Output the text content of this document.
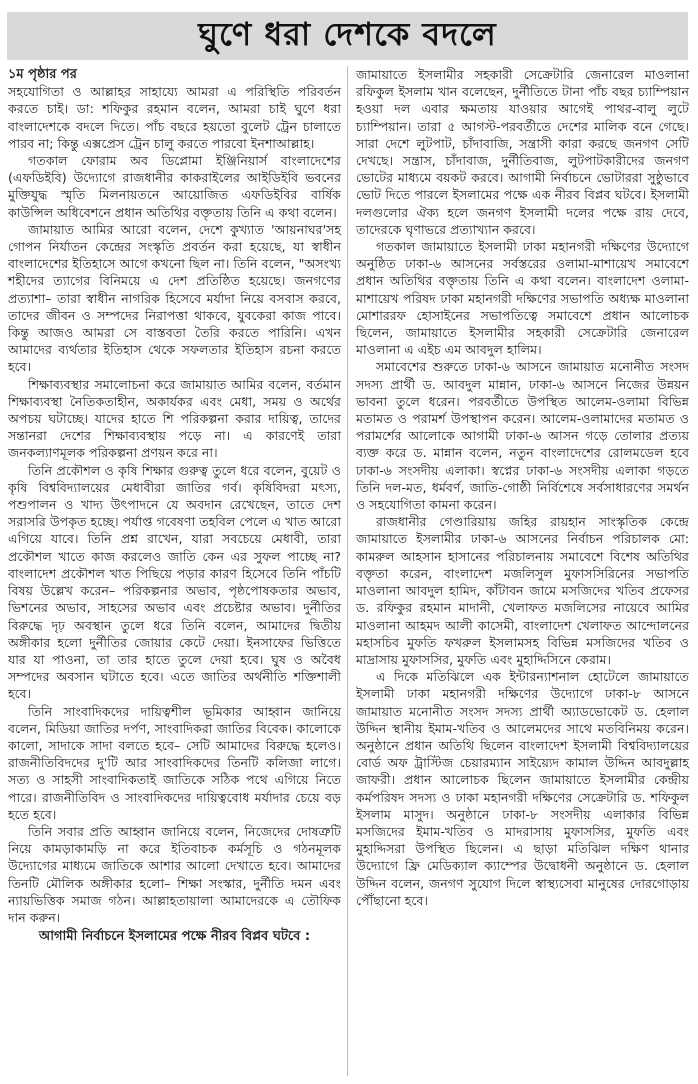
ঘুণে ধরা দেশকে বদলে

১ম পৃষ্ঠার পর

সহযোগিতা ও আল্লাহর সাহায্যে আমরা এ পরিস্থিতি পরিবর্তন করতে চাই। ডা: শফিকুর রহমান বলেন, আমরা চাই ঘুণে ধরা বাংলাদেশকে বদলে দিতে। পাঁচ বছরে হয়তো বুলেট ট্রেন চালাতে পারব না; কিন্তু এক্সপ্রেস ট্রেন চালু করতে পারবো ইনশাআল্লাহ।

গতকাল ফোরাম অব ডিপ্লোমা ইঞ্জিনিয়ার্স বাংলাদেশের (এফডিইবি) উদ্যোগে রাজধানীর কাকরাইলের আইডিইবি ভবনের মুক্তিযুদ্ধ স্মৃতি মিলনায়তনে আয়োজিত এফডিইবির বার্ষিক কাউন্সিল অধিবেশনে প্রধান অতিথির বক্তৃতায় তিনি এ কথা বলেন।

জামায়াত আমির আরো বলেন, দেশে কুখ্যাত 'আয়নাঘর'সহ গোপন নির্যাতন কেন্দ্রের সংস্কৃতি প্রবর্তন করা হয়েছে, যা স্বাধীন বাংলাদেশের ইতিহাসে আগে কখনো ছিল না। তিনি বলেন, "অসংখ্য শহীদের ত্যাগের বিনিময়ে এ দেশ প্রতিষ্ঠিত হয়েছে। জনগণের প্রত্যাশা– তারা স্বাধীন নাগরিক হিসেবে মর্যাদা নিয়ে বসবাস করবে, তাদের জীবন ও সম্পদের নিরাপত্তা থাকবে, যুবকেরা কাজ পাবে। কিন্তু আজও আমরা সে বাস্তবতা তৈরি করতে পারিনি। এখন আমাদের ব্যর্থতার ইতিহাস থেকে সফলতার ইতিহাস রচনা করতে হবে।

শিক্ষাব্যবস্থার সমালোচনা করে জামায়াত আমির বলেন, বর্তমান শিক্ষাব্যবস্থা নৈতিকতাহীন, অকার্যকর এবং মেধা, সময় ও অর্থের অপচয় ঘটাচ্ছে। যাদের হাতে শি পরিকল্পনা করার দায়িত্ব, তাদের সন্তানরা দেশের শিক্ষাব্যবস্থায় পড়ে না। এ কারণেই তারা জনকল্যাণমূলক পরিকল্পনা প্রণয়ন করে না।

তিনি প্রকৌশল ও কৃষি শিক্ষার গুরুত্ব তুলে ধরে বলেন, বুয়েট ও কৃষি বিশ্ববিদ্যালয়ের মেধাবীরা জাতির গর্ব। কৃষিবিদরা মৎস্য, পশুপালন ও খাদ্য উৎপাদনে যে অবদান রেখেছেন, তাতে দেশ সরাসরি উপকৃত হচ্ছে। পর্যাপ্ত গবেষণা তহবিল পেলে এ খাত আরো এগিয়ে যাবে। তিনি প্রশ্ন রাখেন, যারা সবচেয়ে মেধাবী, তারা প্রকৌশল খাতে কাজ করলেও জাতি কেন এর সুফল পাচ্ছে না? বাংলাদেশ প্রকৌশল খাত পিছিয়ে পড়ার কারণ হিসেবে তিনি পাঁচটি বিষয় উল্লেখ করেন– পরিকল্পনার অভাব, পৃষ্ঠপোষকতার অভাব, ভিশনের অভাব, সাহসের অভাব এবং প্রচেষ্টার অভাব। দুর্নীতির বিরুদ্ধে দৃঢ় অবস্থান তুলে ধরে তিনি বলেন, আমাদের দ্বিতীয় অঙ্গীকার হলো দুর্নীতির জোয়ার কেটে দেয়া। ইনসাফের ভিত্তিতে যার যা পাওনা, তা তার হাতে তুলে দেয়া হবে। ঘুষ ও অবৈধ সম্পদের অবসান ঘটাতে হবে। এতে জাতির অর্থনীতি শক্তিশালী হবে।

তিনি সাংবাদিকদের দায়িত্বশীল ভূমিকার আহ্বান জানিয়ে বলেন, মিডিয়া জাতির দর্পণ, সাংবাদিকরা জাতির বিবেক। কালোকে কালো, সাদাকে সাদা বলতে হবে– সেটি আমাদের বিরুদ্ধে হলেও। রাজনীতিবিদদের দু'টি আর সাংবাদিকদের তিনটি কলিজা লাগে। সত্য ও সাহসী সাংবাদিকতাই জাতিকে সঠিক পথে এগিয়ে নিতে পারে। রাজনীতিবিদ ও সাংবাদিকদের দায়িত্ববোধ মর্যাদার চেয়ে বড় হতে হবে।

তিনি সবার প্রতি আহ্বান জানিয়ে বলেন, নিজেদের দোষত্রুটি নিয়ে কামড়াকামড়ি না করে ইতিবাচক কর্মসূচি ও গঠনমূলক উদ্যোগের মাধ্যমে জাতিকে আশার আলো দেখাতে হবে। আমাদের তিনটি মৌলিক অঙ্গীকার হলো– শিক্ষা সংস্কার, দুর্নীতি দমন এবং ন্যায়ভিত্তিক সমাজ গঠন। আল্লাহতায়ালা আমাদেরকে এ তৌফিক দান করুন।

আগামী নির্বাচনে ইসলামের পক্ষে নীরব বিপ্লব ঘটবে :

জামায়াতে ইসলামীর সহকারী সেক্রেটারি জেনারেল মাওলানা রফিকুল ইসলাম খান বলেছেন, দুর্নীতিতে টানা পাঁচ বছর চ্যাম্পিয়ান হওয়া দল এবার ক্ষমতায় যাওয়ার আগেই পাথর-বালু লুটে চ্যাম্পিয়ান। তারা ৫ আগস্ট-পরবর্তীতে দেশের মালিক বনে গেছে। সারা দেশে লুটপাট, চাঁদাবাজি, সন্ত্রাসী কারা করছে জনগণ সেটি দেখছে। সন্ত্রাস, চাঁদাবাজ, দুর্নীতিবাজ, লুটপাটকারীদের জনগণ ভোটের মাধ্যমে বয়কট করবে। আগামী নির্বাচনে ভোটাররা সুষ্ঠুভাবে ভোট দিতে পারলে ইসলামের পক্ষে এক নীরব বিপ্লব ঘটবে। ইসলামী দলগুলোর ঐক্য হলে জনগণ ইসলামী দলের পক্ষে রায় দেবে, তাদেরকে ঘৃণাভরে প্রত্যাখ্যান করবে।

গতকাল জামায়াতে ইসলামী ঢাকা মহানগরী দক্ষিণের উদ্যোগে অনুষ্ঠিত ঢাকা-৬ আসনের সর্বস্তরের ওলামা-মাশায়েখ সমাবেশে প্রধান অতিথির বক্তৃতায় তিনি এ কথা বলেন। বাংলাদেশ ওলামা-মাশায়েখ পরিষদ ঢাকা মহানগরী দক্ষিণের সভাপতি অধ্যক্ষ মাওলানা মোশাররফ হোসাইনের সভাপতিত্বে সমাবেশে প্রধান আলোচক ছিলেন, জামায়াতে ইসলামীর সহকারী সেক্রেটারি জেনারেল মাওলানা এ এইচ এম আবদুল হালিম।

সমাবেশের শুরুতে ঢাকা-৬ আসনে জামায়াত মনোনীত সংসদ সদস্য প্রার্থী ড. আবদুল মান্নান, ঢাকা-৬ আসনে নিজের উন্নয়ন ভাবনা তুলে ধরেন। পরবর্তীতে উপস্থিত আলেম-ওলামা বিভিন্ন মতামত ও পরামর্শ উপস্থাপন করেন। আলেম-ওলামাদের মতামত ও পরামর্শের আলোকে আগামী ঢাকা-৬ আসন গড়ে তোলার প্রত্যয় ব্যক্ত করে ড. মান্নান বলেন, নতুন বাংলাদেশের রোলমডেল হবে ঢাকা-৬ সংসদীয় এলাকা। স্বপ্নের ঢাকা-৬ সংসদীয় এলাকা গড়তে তিনি দল-মত, ধর্মবর্ণ, জাতি-গোষ্ঠী নির্বিশেষে সর্বসাধারণের সমর্থন ও সহযোগিতা কামনা করেন।

রাজধানীর গেণ্ডারিয়ায় জহির রায়হান সাংস্কৃতিক কেন্দ্রে জামায়াতে ইসলামীর ঢাকা-৬ আসনের নির্বাচন পরিচালক মো: কামরুল আহসান হাসানের পরিচালনায় সমাবেশে বিশেষ অতিথির বক্তৃতা করেন, বাংলাদেশ মজলিসুল মুফাসসিরিনের সভাপতি মাওলানা আবদুল হামিদ, কাঁটাবন জামে মসজিদের খতিব প্রফেসর ড. রফিকুর রহমান মাদানী, খেলাফত মজলিসের নায়েবে আমির মাওলানা আহমদ আলী কাসেমী, বাংলাদেশ খেলাফত আন্দোলনের মহাসচিব মুফতি ফখরুল ইসলামসহ বিভিন্ন মসজিদের খতিব ও মাদ্রাসায় মুফাসসির, মুফতি এবং মুহাদ্দিসিনে কেরাম।

এ দিকে মতিঝিলে এক ইন্টারন্যাশনাল হোটেলে জামায়াতে ইসলামী ঢাকা মহানগরী দক্ষিণের উদ্যোগে ঢাকা-৮ আসনে জামায়াত মনোনীত সংসদ সদস্য প্রার্থী অ্যাডভোকেট ড. হেলাল উদ্দিন স্থানীয় ইমাম-খতিব ও আলেমদের সাথে মতবিনিময় করেন। অনুষ্ঠানে প্রধান অতিথি ছিলেন বাংলাদেশ ইসলামী বিশ্ববিদ্যালয়ের বোর্ড অফ ট্রাস্টিজ চেয়ারম্যান সাইয়্যেদ কামাল উদ্দিন আবদুল্লাহ জাফরী। প্রধান আলোচক ছিলেন জামায়াতে ইসলামীর কেন্দ্রীয় কর্মপরিষদ সদস্য ও ঢাকা মহানগরী দক্ষিণের সেক্রেটারি ড. শফিকুল ইসলাম মাসুদ। অনুষ্ঠানে ঢাকা-৮ সংসদীয় এলাকার বিভিন্ন মসজিদের ইমাম-খতিব ও মাদরাসায় মুফাসসির, মুফতি এবং মুহাদ্দিসরা উপস্থিত ছিলেন। এ ছাড়া মতিঝিল দক্ষিণ থানার উদ্যোগে ফ্রি মেডিক্যাল ক্যাম্পের উদ্বোধনী অনুষ্ঠানে ড. হেলাল উদ্দিন বলেন, জনগণ সুযোগ দিলে স্বাস্থ্যসেবা মানুষের দোরগোড়ায় পৌঁছানো হবে।
